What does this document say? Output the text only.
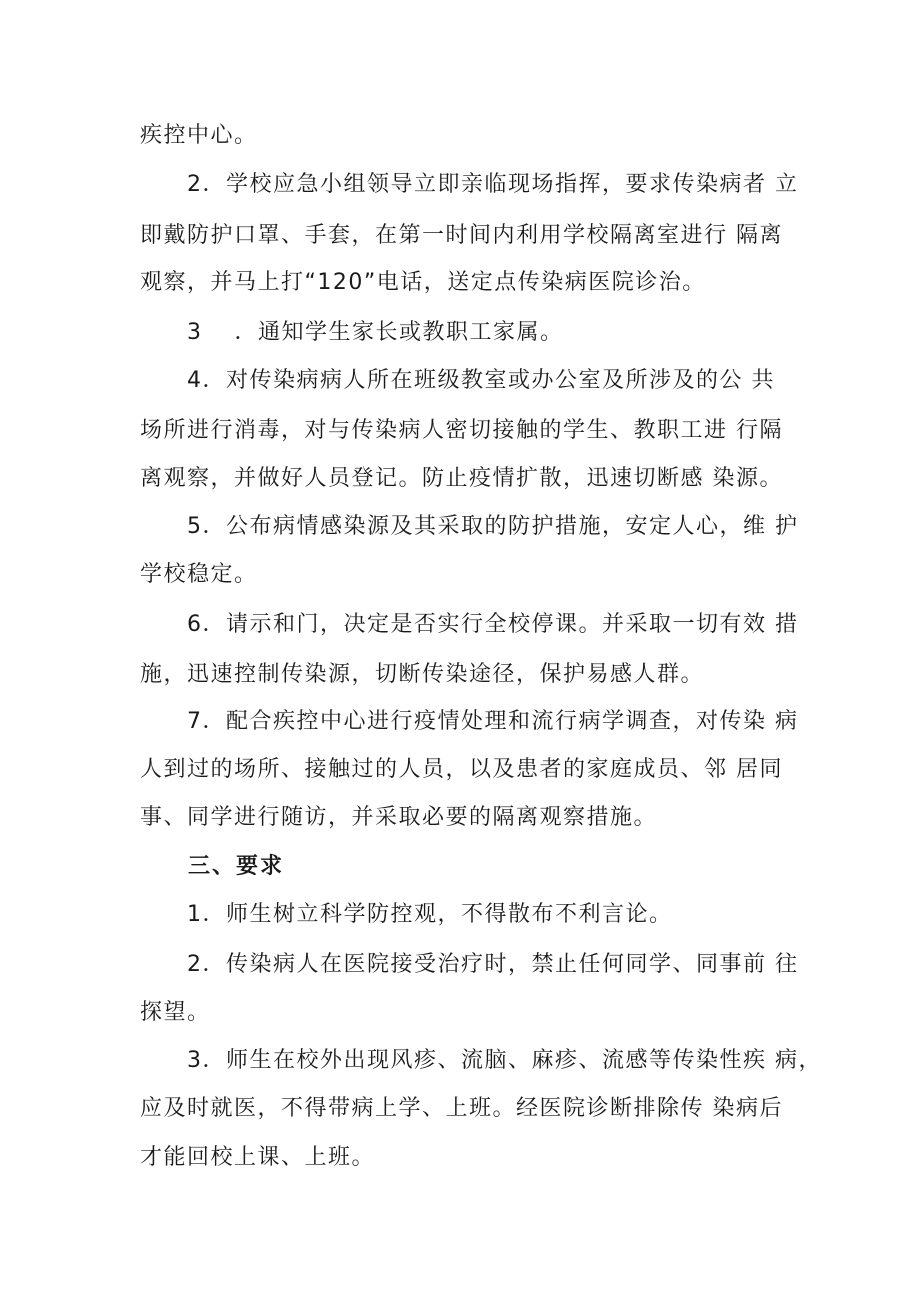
疾控中心。
2．学校应急小组领导立即亲临现场指挥，要求传染病者 立
即戴防护口罩、手套，在第一时间内利用学校隔离室进行 隔离
观察，并马上打“120”电话，送定点传染病医院诊治。
3　 ．通知学生家长或教职工家属。
4．对传染病病人所在班级教室或办公室及所涉及的公 共
场所进行消毒，对与传染病人密切接触的学生、教职工进 行隔
离观察，并做好人员登记。防止疫情扩散，迅速切断感 染源。
5．公布病情感染源及其采取的防护措施，安定人心，维 护
学校稳定。
6．请示和门，决定是否实行全校停课。并采取一切有效 措
施，迅速控制传染源，切断传染途径，保护易感人群。
7．配合疾控中心进行疫情处理和流行病学调查，对传染 病
人到过的场所、接触过的人员，以及患者的家庭成员、邻 居同
事、同学进行随访，并采取必要的隔离观察措施。
三、要求
1．师生树立科学防控观，不得散布不利言论。
2．传染病人在医院接受治疗时，禁止任何同学、同事前 往
探望。
3．师生在校外出现风疹、流脑、麻疹、流感等传染性疾 病，
应及时就医，不得带病上学、上班。经医院诊断排除传 染病后
才能回校上课、上班。
